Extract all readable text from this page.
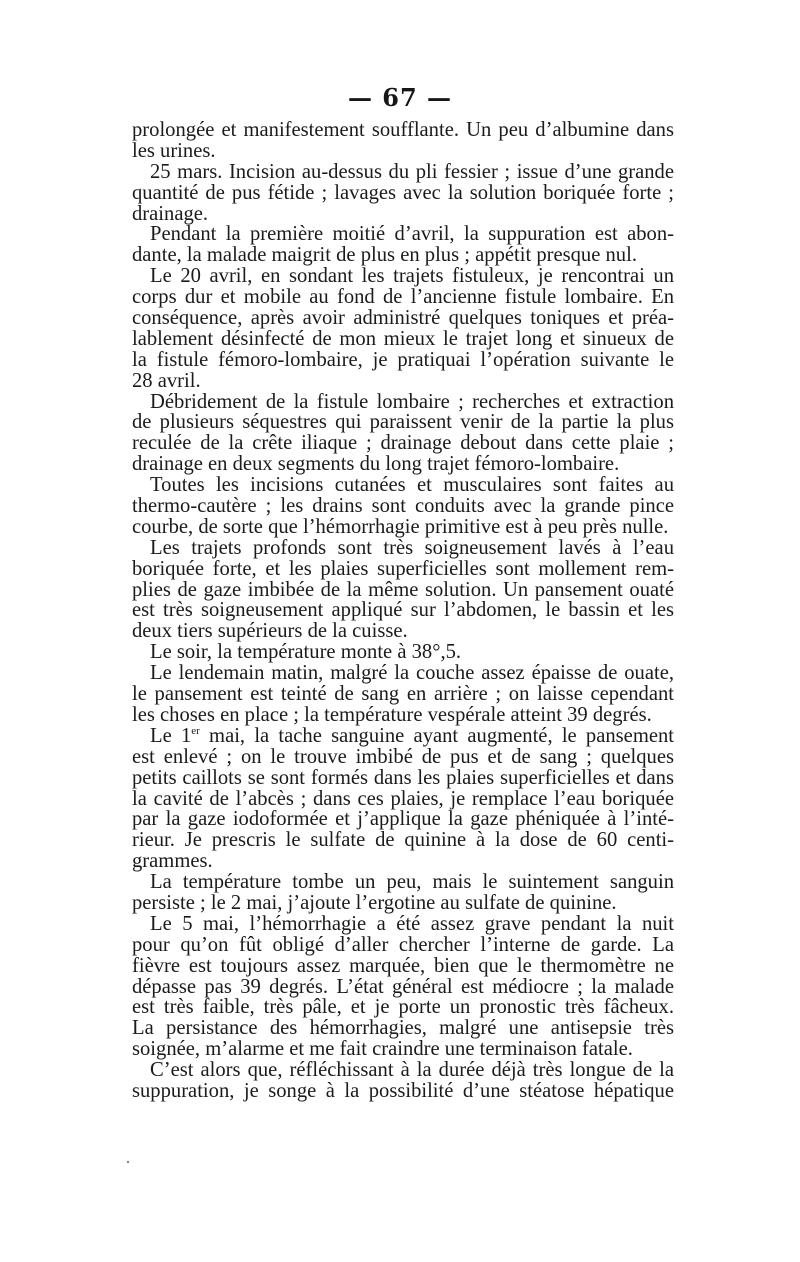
— 67 —
prolongée et manifestement soufflante. Un peu d’albumine dans
les urines.
25 mars. Incision au-dessus du pli fessier ; issue d’une grande
quantité de pus fétide ; lavages avec la solution boriquée forte ;
drainage.
Pendant la première moitié d’avril, la suppuration est abon-
dante, la malade maigrit de plus en plus ; appétit presque nul.
Le 20 avril, en sondant les trajets fistuleux, je rencontrai un
corps dur et mobile au fond de l’ancienne fistule lombaire. En
conséquence, après avoir administré quelques toniques et préa-
lablement désinfecté de mon mieux le trajet long et sinueux de
la fistule fémoro-lombaire, je pratiquai l’opération suivante le
28 avril.
Débridement de la fistule lombaire ; recherches et extraction
de plusieurs séquestres qui paraissent venir de la partie la plus
reculée de la crête iliaque ; drainage debout dans cette plaie ;
drainage en deux segments du long trajet fémoro-lombaire.
Toutes les incisions cutanées et musculaires sont faites au
thermo-cautère ; les drains sont conduits avec la grande pince
courbe, de sorte que l’hémorrhagie primitive est à peu près nulle.
Les trajets profonds sont très soigneusement lavés à l’eau
boriquée forte, et les plaies superficielles sont mollement rem-
plies de gaze imbibée de la même solution. Un pansement ouaté
est très soigneusement appliqué sur l’abdomen, le bassin et les
deux tiers supérieurs de la cuisse.
Le soir, la température monte à 38°,5.
Le lendemain matin, malgré la couche assez épaisse de ouate,
le pansement est teinté de sang en arrière ; on laisse cependant
les choses en place ; la température vespérale atteint 39 degrés.
Le 1er mai, la tache sanguine ayant augmenté, le pansement
est enlevé ; on le trouve imbibé de pus et de sang ; quelques
petits caillots se sont formés dans les plaies superficielles et dans
la cavité de l’abcès ; dans ces plaies, je remplace l’eau boriquée
par la gaze iodoformée et j’applique la gaze phéniquée à l’inté-
rieur. Je prescris le sulfate de quinine à la dose de 60 centi-
grammes.
La température tombe un peu, mais le suintement sanguin
persiste ; le 2 mai, j’ajoute l’ergotine au sulfate de quinine.
Le 5 mai, l’hémorrhagie a été assez grave pendant la nuit
pour qu’on fût obligé d’aller chercher l’interne de garde. La
fièvre est toujours assez marquée, bien que le thermomètre ne
dépasse pas 39 degrés. L’état général est médiocre ; la malade
est très faible, très pâle, et je porte un pronostic très fâcheux.
La persistance des hémorrhagies, malgré une antisepsie très
soignée, m’alarme et me fait craindre une terminaison fatale.
C’est alors que, réfléchissant à la durée déjà très longue de la
suppuration, je songe à la possibilité d’une stéatose hépatique
